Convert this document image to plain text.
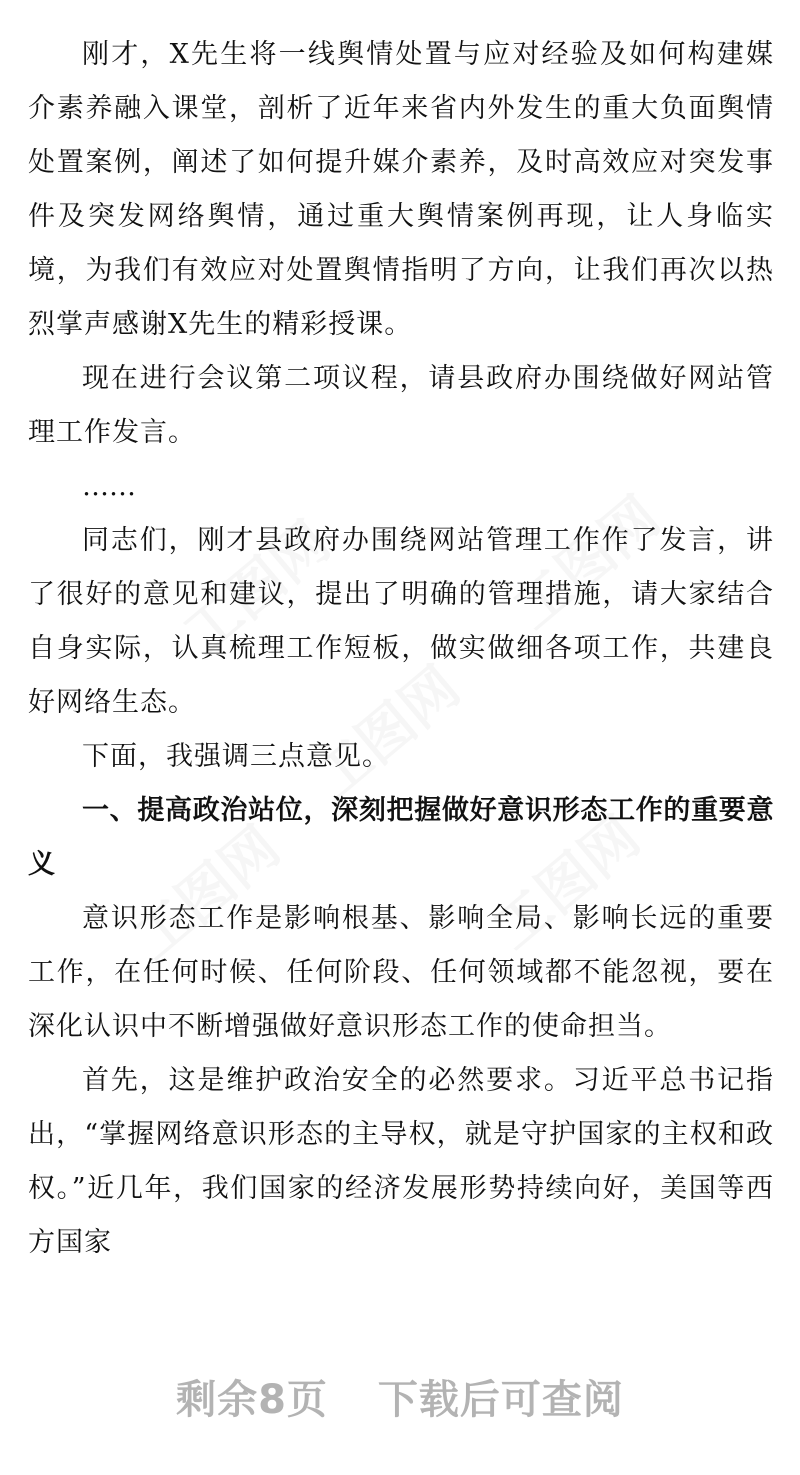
工图网	工图网
工图网
工图网	工图网

刚才，X先生将一线舆情处置与应对经验及如何构建媒介素养融入课堂，剖析了近年来省内外发生的重大负面舆情处置案例，阐述了如何提升媒介素养，及时高效应对突发事件及突发网络舆情，通过重大舆情案例再现，让人身临实境，为我们有效应对处置舆情指明了方向，让我们再次以热烈掌声感谢X先生的精彩授课。

现在进行会议第二项议程，请县政府办围绕做好网站管理工作发言。

……

同志们，刚才县政府办围绕网站管理工作作了发言，讲了很好的意见和建议，提出了明确的管理措施，请大家结合自身实际，认真梳理工作短板，做实做细各项工作，共建良好网络生态。

下面，我强调三点意见。

一、提高政治站位，深刻把握做好意识形态工作的重要意义

意识形态工作是影响根基、影响全局、影响长远的重要工作，在任何时候、任何阶段、任何领域都不能忽视，要在深化认识中不断增强做好意识形态工作的使命担当。

首先，这是维护政治安全的必然要求。习近平总书记指出，“掌握网络意识形态的主导权，就是守护国家的主权和政权。”近几年，我们国家的经济发展形势持续向好，美国等西方国家

剩余8页 下载后可查阅
